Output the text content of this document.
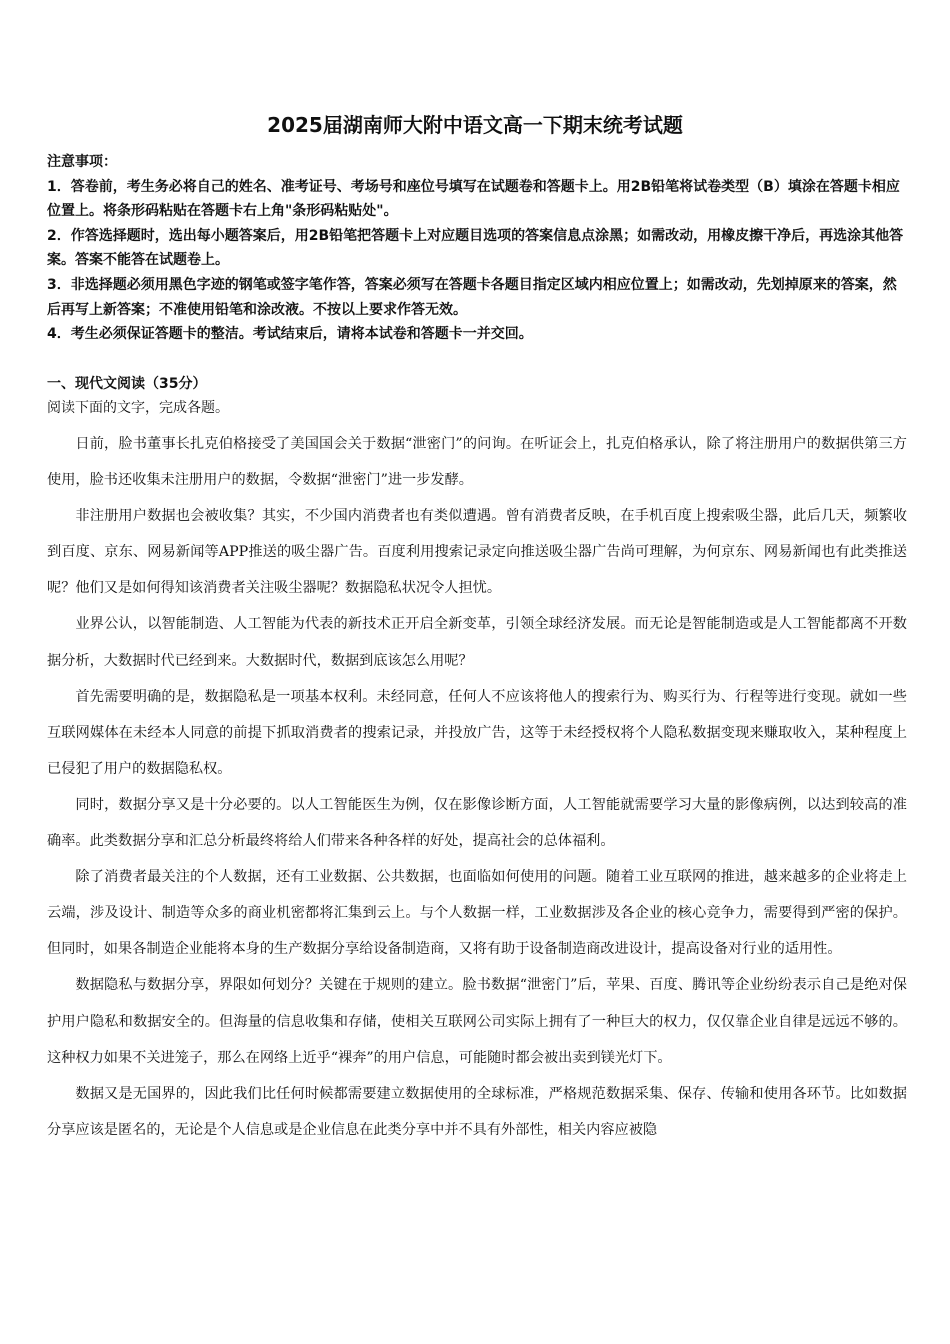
2025届湖南师大附中语文高一下期末统考试题

注意事项：

1．答卷前，考生务必将自己的姓名、准考证号、考场号和座位号填写在试题卷和答题卡上。用2B铅笔将试卷类型（B）填涂在答题卡相应位置上。将条形码粘贴在答题卡右上角"条形码粘贴处"。

2．作答选择题时，选出每小题答案后，用2B铅笔把答题卡上对应题目选项的答案信息点涂黑；如需改动，用橡皮擦干净后，再选涂其他答案。答案不能答在试题卷上。

3．非选择题必须用黑色字迹的钢笔或签字笔作答，答案必须写在答题卡各题目指定区域内相应位置上；如需改动，先划掉原来的答案，然后再写上新答案；不准使用铅笔和涂改液。不按以上要求作答无效。

4．考生必须保证答题卡的整洁。考试结束后，请将本试卷和答题卡一并交回。

一、现代文阅读（35分）

阅读下面的文字，完成各题。

日前，脸书董事长扎克伯格接受了美国国会关于数据“泄密门”的问询。在听证会上，扎克伯格承认，除了将注册用户的数据供第三方使用，脸书还收集未注册用户的数据，令数据“泄密门”进一步发酵。

非注册用户数据也会被收集？其实，不少国内消费者也有类似遭遇。曾有消费者反映，在手机百度上搜索吸尘器，此后几天，频繁收到百度、京东、网易新闻等APP推送的吸尘器广告。百度利用搜索记录定向推送吸尘器广告尚可理解，为何京东、网易新闻也有此类推送呢？他们又是如何得知该消费者关注吸尘器呢？数据隐私状况令人担忧。

业界公认，以智能制造、人工智能为代表的新技术正开启全新变革，引领全球经济发展。而无论是智能制造或是人工智能都离不开数据分析，大数据时代已经到来。大数据时代，数据到底该怎么用呢？

首先需要明确的是，数据隐私是一项基本权利。未经同意，任何人不应该将他人的搜索行为、购买行为、行程等进行变现。就如一些互联网媒体在未经本人同意的前提下抓取消费者的搜索记录，并投放广告，这等于未经授权将个人隐私数据变现来赚取收入，某种程度上已侵犯了用户的数据隐私权。

同时，数据分享又是十分必要的。以人工智能医生为例，仅在影像诊断方面，人工智能就需要学习大量的影像病例，以达到较高的准确率。此类数据分享和汇总分析最终将给人们带来各种各样的好处，提高社会的总体福利。

除了消费者最关注的个人数据，还有工业数据、公共数据，也面临如何使用的问题。随着工业互联网的推进，越来越多的企业将走上云端，涉及设计、制造等众多的商业机密都将汇集到云上。与个人数据一样，工业数据涉及各企业的核心竞争力，需要得到严密的保护。但同时，如果各制造企业能将本身的生产数据分享给设备制造商，又将有助于设备制造商改进设计，提高设备对行业的适用性。

数据隐私与数据分享，界限如何划分？关键在于规则的建立。脸书数据“泄密门”后，苹果、百度、腾讯等企业纷纷表示自己是绝对保护用户隐私和数据安全的。但海量的信息收集和存储，使相关互联网公司实际上拥有了一种巨大的权力，仅仅靠企业自律是远远不够的。这种权力如果不关进笼子，那么在网络上近乎“裸奔”的用户信息，可能随时都会被出卖到镁光灯下。

数据又是无国界的，因此我们比任何时候都需要建立数据使用的全球标准，严格规范数据采集、保存、传输和使用各环节。比如数据分享应该是匿名的，无论是个人信息或是企业信息在此类分享中并不具有外部性，相关内容应被隐
